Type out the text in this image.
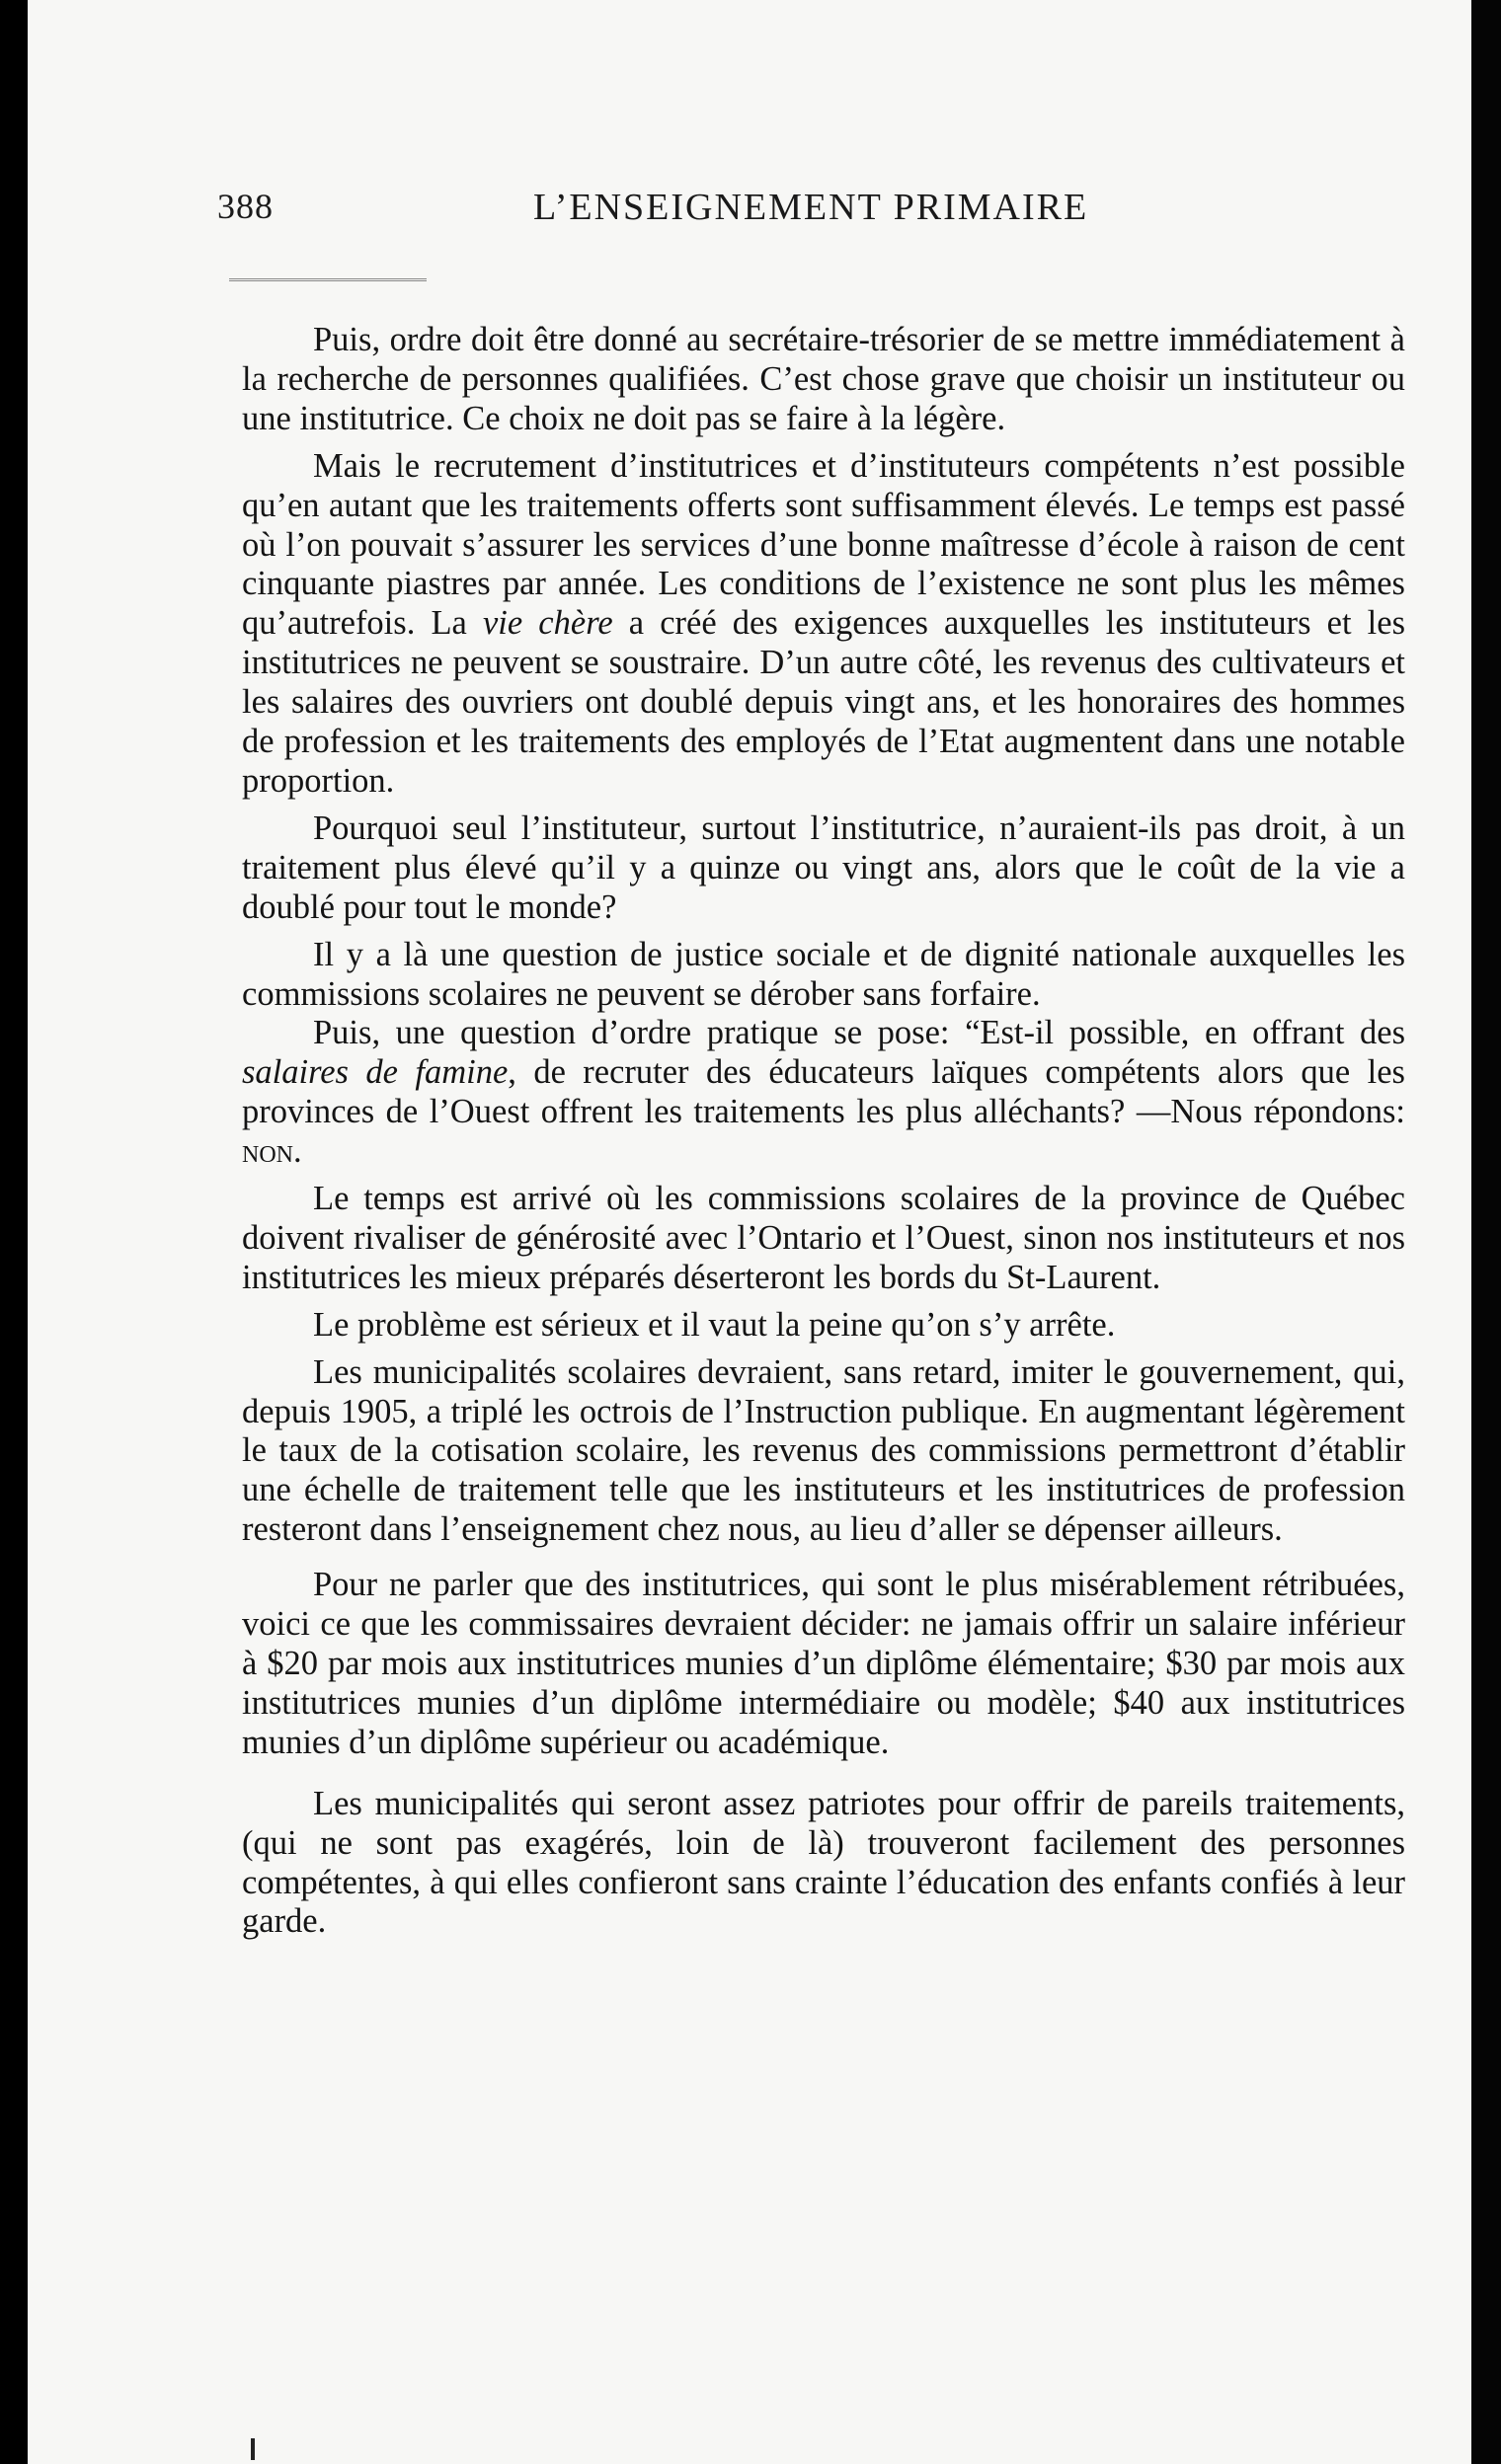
388	L’ENSEIGNEMENT PRIMAIRE

Puis, ordre doit être donné au secrétaire-trésorier de se mettre immédiatement à la recherche de personnes qualifiées. C’est chose grave que choisir un instituteur ou une institutrice. Ce choix ne doit pas se faire à la légère.

Mais le recrutement d’institutrices et d’instituteurs compétents n’est possible qu’en autant que les traitements offerts sont suffisamment élevés. Le temps est passé où l’on pouvait s’assurer les services d’une bonne maîtresse d’école à raison de cent cinquante piastres par année. Les conditions de l’existence ne sont plus les mêmes qu’autrefois. La vie chère a créé des exigences auxquelles les instituteurs et les institutrices ne peuvent se soustraire. D’un autre côté, les revenus des cultivateurs et les salaires des ouvriers ont doublé depuis vingt ans, et les honoraires des hommes de profession et les traitements des employés de l’Etat augmentent dans une notable proportion.

Pourquoi seul l’instituteur, surtout l’institutrice, n’auraient-ils pas droit, à un traitement plus élevé qu’il y a quinze ou vingt ans, alors que le coût de la vie a doublé pour tout le monde?

Il y a là une question de justice sociale et de dignité nationale auxquelles les commissions scolaires ne peuvent se dérober sans forfaire.

Puis, une question d’ordre pratique se pose: “Est-il possible, en offrant des salaires de famine, de recruter des éducateurs laïques compétents alors que les provinces de l’Ouest offrent les traitements les plus alléchants? —Nous répondons: non.

Le temps est arrivé où les commissions scolaires de la province de Québec doivent rivaliser de générosité avec l’Ontario et l’Ouest, sinon nos instituteurs et nos institutrices les mieux préparés déserteront les bords du St-Laurent.

Le problème est sérieux et il vaut la peine qu’on s’y arrête.

Les municipalités scolaires devraient, sans retard, imiter le gouvernement, qui, depuis 1905, a triplé les octrois de l’Instruction publique. En augmentant légèrement le taux de la cotisation scolaire, les revenus des commissions permettront d’établir une échelle de traitement telle que les instituteurs et les institutrices de profession resteront dans l’enseignement chez nous, au lieu d’aller se dépenser ailleurs.

Pour ne parler que des institutrices, qui sont le plus misérablement rétribuées, voici ce que les commissaires devraient décider: ne jamais offrir un salaire inférieur à $20 par mois aux institutrices munies d’un diplôme élémentaire; $30 par mois aux institutrices munies d’un diplôme intermédiaire ou modèle; $40 aux institutrices munies d’un diplôme supérieur ou académique.

Les municipalités qui seront assez patriotes pour offrir de pareils traitements, (qui ne sont pas exagérés, loin de là) trouveront facilement des personnes compétentes, à qui elles confieront sans crainte l’éducation des enfants confiés à leur garde.
